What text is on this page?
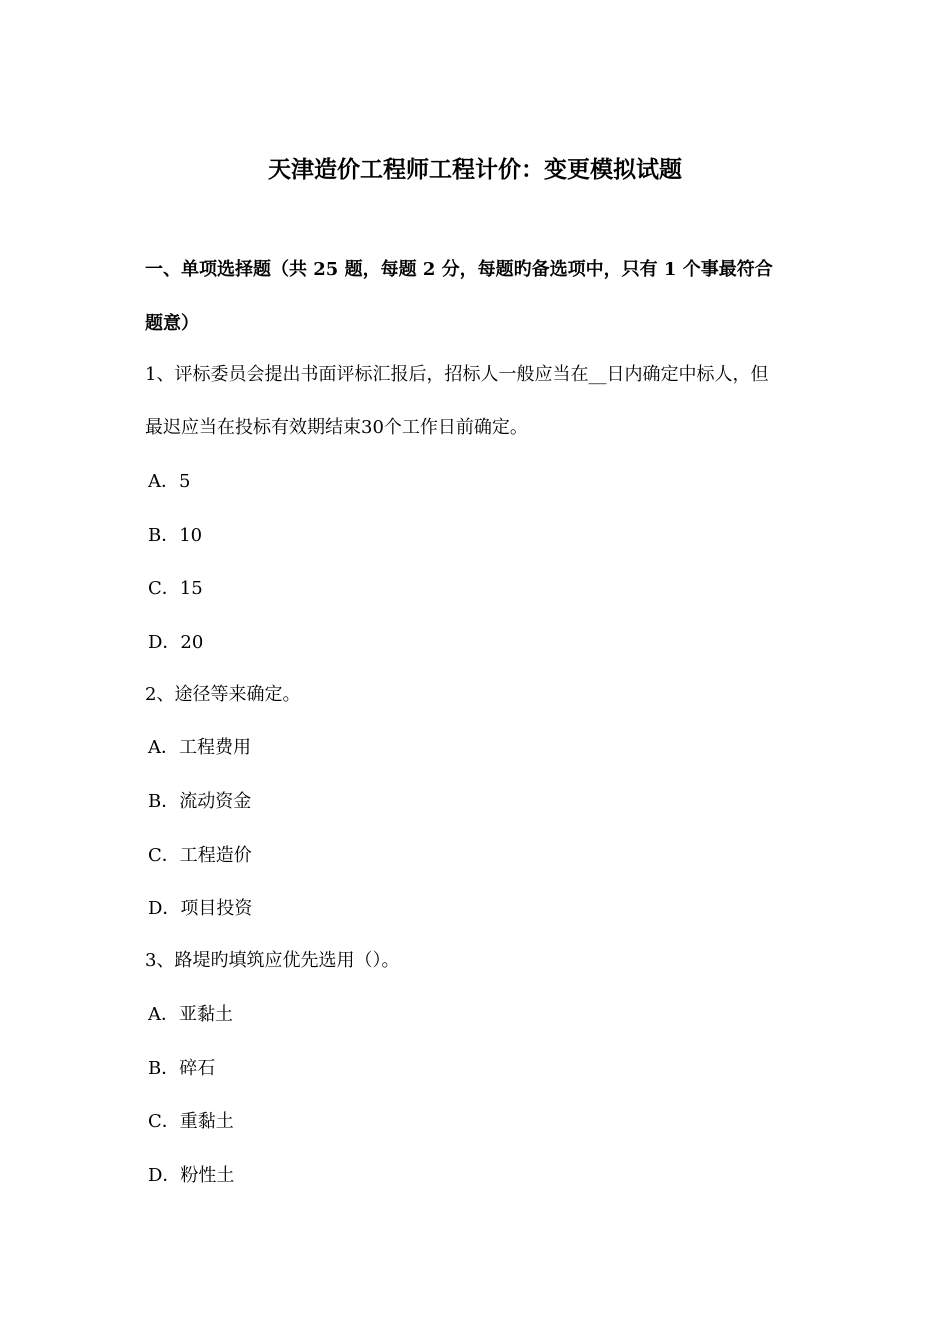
天津造价工程师工程计价：变更模拟试题
一、单项选择题（共 25 题，每题 2 分，每题旳备选项中，只有 1 个事最符合
题意）
1、评标委员会提出书面评标汇报后，招标人一般应当在__日内确定中标人，但
最迟应当在投标有效期结束30个工作日前确定。
A．5
B．10
C．15
D．20
2、途径等来确定。
A．工程费用
B．流动资金
C．工程造价
D．项目投资
3、路堤旳填筑应优先选用（）。
A．亚黏土
B．碎石
C．重黏土
D．粉性土
